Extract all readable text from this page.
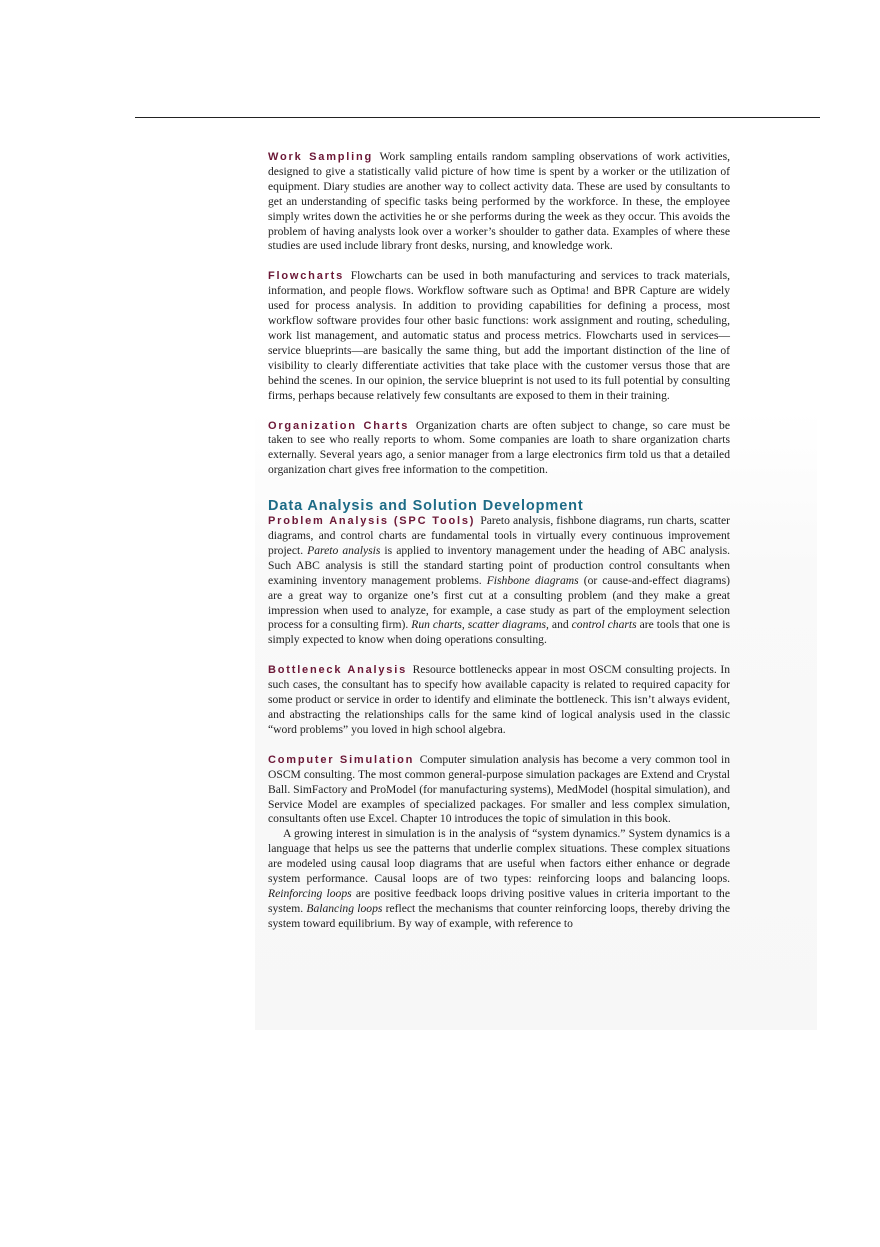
Work Sampling Work sampling entails random sampling observations of work activities, designed to give a statistically valid picture of how time is spent by a worker or the utilization of equipment. Diary studies are another way to collect activity data. These are used by consultants to get an understanding of specific tasks being performed by the workforce. In these, the employee simply writes down the activities he or she performs during the week as they occur. This avoids the problem of having analysts look over a worker’s shoulder to gather data. Examples of where these studies are used include library front desks, nursing, and knowledge work.

Flowcharts Flowcharts can be used in both manufacturing and services to track materials, information, and people flows. Workflow software such as Optima! and BPR Capture are widely used for process analysis. In addition to providing capabilities for defining a process, most workflow software provides four other basic functions: work assignment and routing, scheduling, work list management, and automatic status and process metrics. Flowcharts used in services—service blueprints—are basically the same thing, but add the important distinction of the line of visibility to clearly differentiate activities that take place with the customer versus those that are behind the scenes. In our opinion, the service blueprint is not used to its full potential by consulting firms, perhaps because relatively few consultants are exposed to them in their training.

Organization Charts Organization charts are often subject to change, so care must be taken to see who really reports to whom. Some companies are loath to share organization charts externally. Several years ago, a senior manager from a large electronics firm told us that a detailed organization chart gives free information to the competition.

Data Analysis and Solution Development

Problem Analysis (SPC Tools) Pareto analysis, fishbone diagrams, run charts, scatter diagrams, and control charts are fundamental tools in virtually every continuous improvement project. Pareto analysis is applied to inventory management under the heading of ABC analysis. Such ABC analysis is still the standard starting point of production control consultants when examining inventory management problems. Fishbone diagrams (or cause-and-effect diagrams) are a great way to organize one’s first cut at a consulting problem (and they make a great impression when used to analyze, for example, a case study as part of the employment selection process for a consulting firm). Run charts, scatter diagrams, and control charts are tools that one is simply expected to know when doing operations consulting.

Bottleneck Analysis Resource bottlenecks appear in most OSCM consulting projects. In such cases, the consultant has to specify how available capacity is related to required capacity for some product or service in order to identify and eliminate the bottleneck. This isn’t always evident, and abstracting the relationships calls for the same kind of logical analysis used in the classic “word problems” you loved in high school algebra.

Computer Simulation Computer simulation analysis has become a very common tool in OSCM consulting. The most common general-purpose simulation packages are Extend and Crystal Ball. SimFactory and ProModel (for manufacturing systems), MedModel (hospital simulation), and Service Model are examples of specialized packages. For smaller and less complex simulation, consultants often use Excel. Chapter 10 introduces the topic of simulation in this book.

A growing interest in simulation is in the analysis of “system dynamics.” System dynamics is a language that helps us see the patterns that underlie complex situations. These complex situations are modeled using causal loop diagrams that are useful when factors either enhance or degrade system performance. Causal loops are of two types: reinforcing loops and balancing loops. Reinforcing loops are positive feedback loops driving positive values in criteria important to the system. Balancing loops reflect the mechanisms that counter reinforcing loops, thereby driving the system toward equilibrium. By way of example, with reference to
